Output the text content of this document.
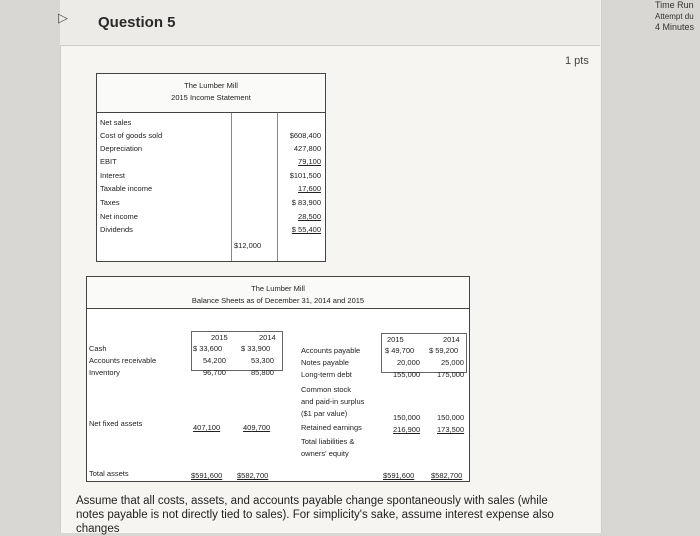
▷ Question 5
1 pts
Time Run
Attempt du
4 Minutes
The Lumber Mill
2015 Income Statement
Net sales
Cost of goods sold	$608,400
Depreciation	427,800
EBIT	79,100
Interest	$101,500
Taxable income	17,600
Taxes	$ 83,900
Net income	28,500
Dividends	$ 55,400
$12,000
The Lumber Mill
Balance Sheets as of December 31, 2014 and 2015
2015	2014
Cash	$ 33,600	$ 33,900
Accounts receivable	54,200	53,300
Inventory	96,700	85,800
Net fixed assets	407,100	409,700
Total assets	$591,600 $582,700
2015	2014
Accounts payable	$ 49,700 $ 59,200
Notes payable	20,000	25,000
Long-term debt	155,000 175,000
Common stock
and paid-in surplus
($1 par value)	150,000 150,000
Retained earnings	216,900 173,500
Total liabilities &
owners' equity
$591,600 $582,700
Assume that all costs, assets, and accounts payable change spontaneously with sales (while notes payable is not directly tied to sales). For simplicity's sake, assume interest expense also changes
